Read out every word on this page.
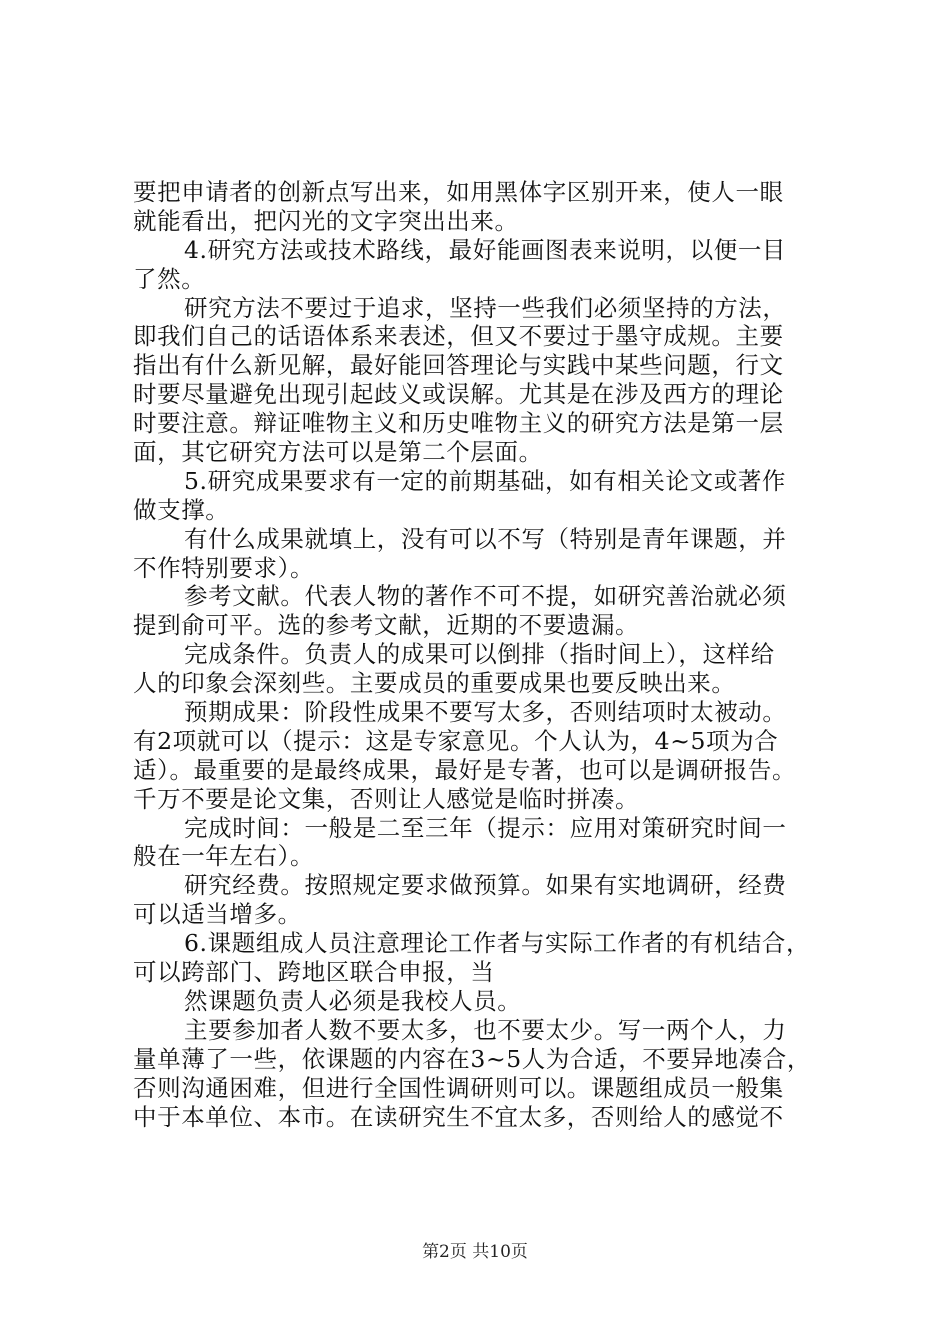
要把申请者的创新点写出来，如用黑体字区别开来，使人一眼
就能看出，把闪光的文字突出出来。
4.研究方法或技术路线，最好能画图表来说明，以便一目
了然。
研究方法不要过于追求，坚持一些我们必须坚持的方法，
即我们自己的话语体系来表述，但又不要过于墨守成规。主要
指出有什么新见解，最好能回答理论与实践中某些问题，行文
时要尽量避免出现引起歧义或误解。尤其是在涉及西方的理论
时要注意。辩证唯物主义和历史唯物主义的研究方法是第一层
面，其它研究方法可以是第二个层面。
5.研究成果要求有一定的前期基础，如有相关论文或著作
做支撑。
有什么成果就填上，没有可以不写（特别是青年课题，并
不作特别要求）。
参考文献。代表人物的著作不可不提，如研究善治就必须
提到俞可平。选的参考文献，近期的不要遗漏。
完成条件。负责人的成果可以倒排（指时间上），这样给
人的印象会深刻些。主要成员的重要成果也要反映出来。
预期成果：阶段性成果不要写太多，否则结项时太被动。
有2项就可以（提示：这是专家意见。个人认为，4~5项为合
适）。最重要的是最终成果，最好是专著，也可以是调研报告。
千万不要是论文集，否则让人感觉是临时拼凑。
完成时间：一般是二至三年（提示：应用对策研究时间一
般在一年左右）。
研究经费。按照规定要求做预算。如果有实地调研，经费
可以适当增多。
6.课题组成人员注意理论工作者与实际工作者的有机结合，
可以跨部门、跨地区联合申报，当
然课题负责人必须是我校人员。
主要参加者人数不要太多，也不要太少。写一两个人，力
量单薄了一些，依课题的内容在3~5人为合适，不要异地凑合，
否则沟通困难，但进行全国性调研则可以。课题组成员一般集
中于本单位、本市。在读研究生不宜太多，否则给人的感觉不
第2页 共10页
